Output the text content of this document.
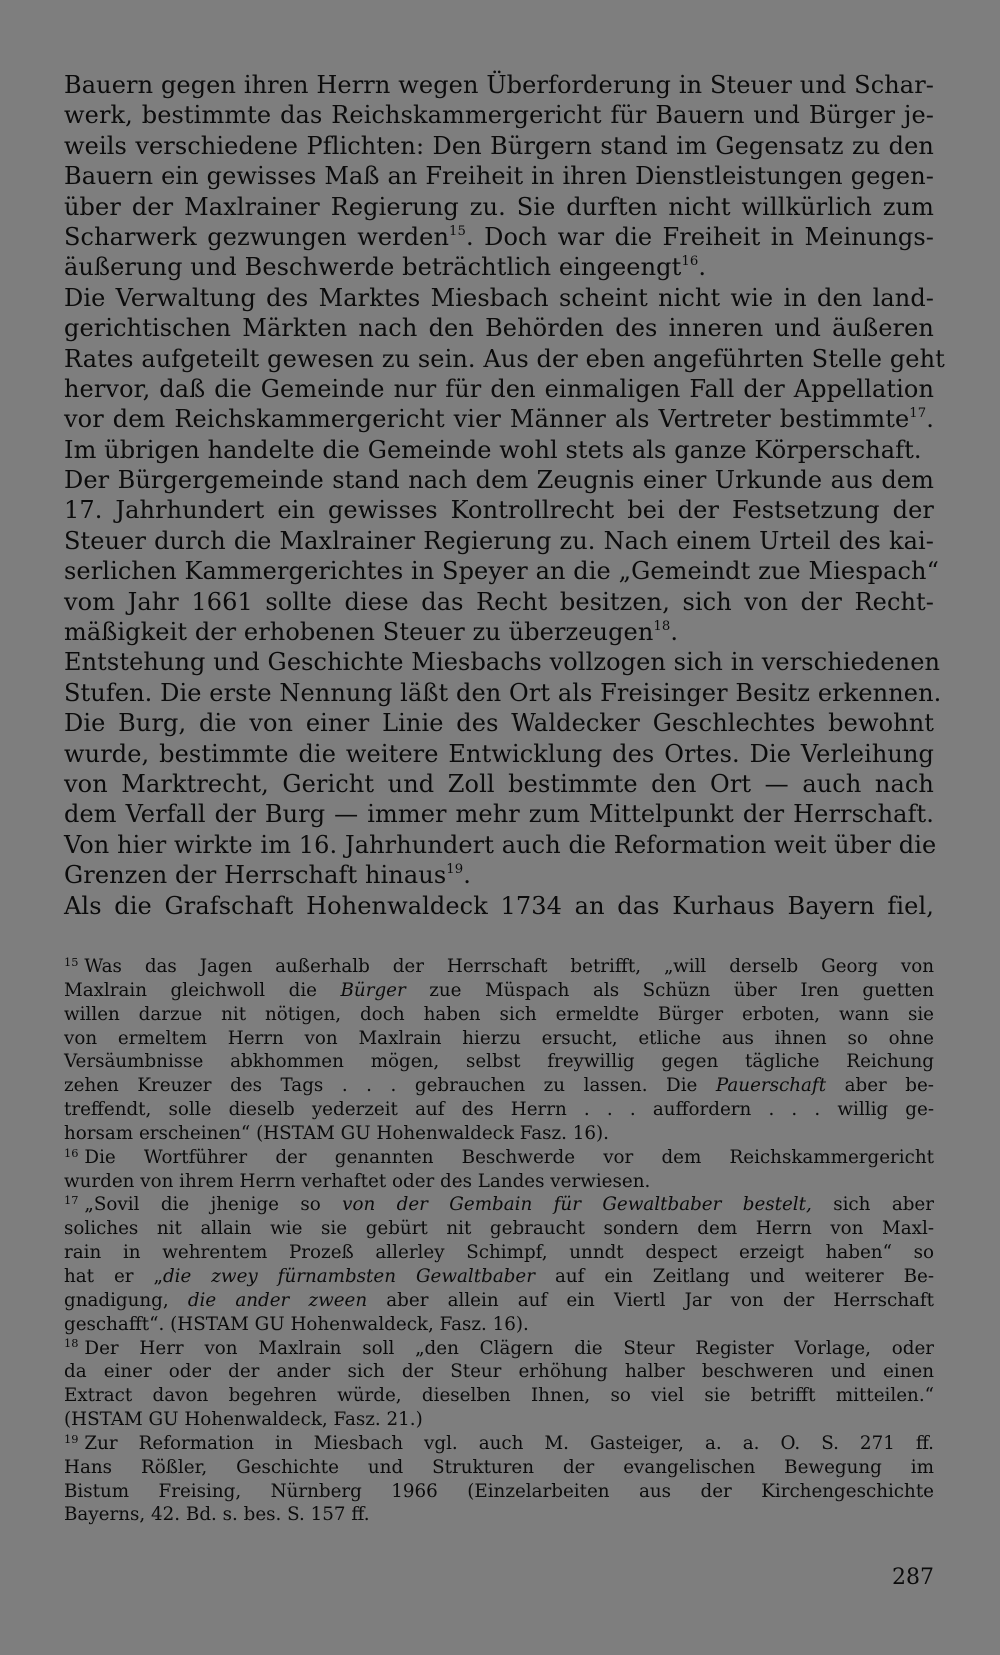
Bauern gegen ihren Herrn wegen Überforderung in Steuer und Schar-
werk, bestimmte das Reichskammergericht für Bauern und Bürger je-
weils verschiedene Pflichten: Den Bürgern stand im Gegensatz zu den
Bauern ein gewisses Maß an Freiheit in ihren Dienstleistungen gegen-
über der Maxlrainer Regierung zu. Sie durften nicht willkürlich zum
Scharwerk gezwungen werden$^{15}$. Doch war die Freiheit in Meinungs-
äußerung und Beschwerde beträchtlich eingeengt$^{16}$.
Die Verwaltung des Marktes Miesbach scheint nicht wie in den land-
gerichtischen Märkten nach den Behörden des inneren und äußeren
Rates aufgeteilt gewesen zu sein. Aus der eben angeführten Stelle geht
hervor, daß die Gemeinde nur für den einmaligen Fall der Appellation
vor dem Reichskammergericht vier Männer als Vertreter bestimmte$^{17}$.
Im übrigen handelte die Gemeinde wohl stets als ganze Körperschaft.
Der Bürgergemeinde stand nach dem Zeugnis einer Urkunde aus dem
17. Jahrhundert ein gewisses Kontrollrecht bei der Festsetzung der
Steuer durch die Maxlrainer Regierung zu. Nach einem Urteil des kai-
serlichen Kammergerichtes in Speyer an die „Gemeindt zue Miespach“
vom Jahr 1661 sollte diese das Recht besitzen, sich von der Recht-
mäßigkeit der erhobenen Steuer zu überzeugen$^{18}$.
Entstehung und Geschichte Miesbachs vollzogen sich in verschiedenen
Stufen. Die erste Nennung läßt den Ort als Freisinger Besitz erkennen.
Die Burg, die von einer Linie des Waldecker Geschlechtes bewohnt
wurde, bestimmte die weitere Entwicklung des Ortes. Die Verleihung
von Marktrecht, Gericht und Zoll bestimmte den Ort — auch nach
dem Verfall der Burg — immer mehr zum Mittelpunkt der Herrschaft.
Von hier wirkte im 16. Jahrhundert auch die Reformation weit über die
Grenzen der Herrschaft hinaus$^{19}$.
Als die Grafschaft Hohenwaldeck 1734 an das Kurhaus Bayern fiel,
$^{15}$ Was das Jagen außerhalb der Herrschaft betrifft, „will derselb Georg von
Maxlrain gleichwoll die Bürger zue Müspach als Schüzn über Iren guetten
willen darzue nit nötigen, doch haben sich ermeldte Bürger erboten, wann sie
von ermeltem Herrn von Maxlrain hierzu ersucht, etliche aus ihnen so ohne
Versäumbnisse abkhommen mögen, selbst freywillig gegen tägliche Reichung
zehen Kreuzer des Tags . . . gebrauchen zu lassen. Die Pauerschaft aber be-
treffendt, solle dieselb yederzeit auf des Herrn . . . auffordern . . . willig ge-
horsam erscheinen“ (HSTAM GU Hohenwaldeck Fasz. 16).
$^{16}$ Die Wortführer der genannten Beschwerde vor dem Reichskammergericht
wurden von ihrem Herrn verhaftet oder des Landes verwiesen.
$^{17}$ „Sovil die jhenige so von der Gembain für Gewaltbaber bestelt, sich aber
soliches nit allain wie sie gebürt nit gebraucht sondern dem Herrn von Maxl-
rain in wehrentem Prozeß allerley Schimpf, unndt despect erzeigt haben“ so
hat er „die zwey fürnambsten Gewaltbaber auf ein Zeitlang und weiterer Be-
gnadigung, die ander zween aber allein auf ein Viertl Jar von der Herrschaft
geschafft“. (HSTAM GU Hohenwaldeck, Fasz. 16).
$^{18}$ Der Herr von Maxlrain soll „den Clägern die Steur Register Vorlage, oder
da einer oder der ander sich der Steur erhöhung halber beschweren und einen
Extract davon begehren würde, dieselben Ihnen, so viel sie betrifft mitteilen.“
(HSTAM GU Hohenwaldeck, Fasz. 21.)
$^{19}$ Zur Reformation in Miesbach vgl. auch M. Gasteiger, a. a. O. S. 271 ff.
Hans Rößler, Geschichte und Strukturen der evangelischen Bewegung im
Bistum Freising, Nürnberg 1966 (Einzelarbeiten aus der Kirchengeschichte
Bayerns, 42. Bd. s. bes. S. 157 ff.
287
